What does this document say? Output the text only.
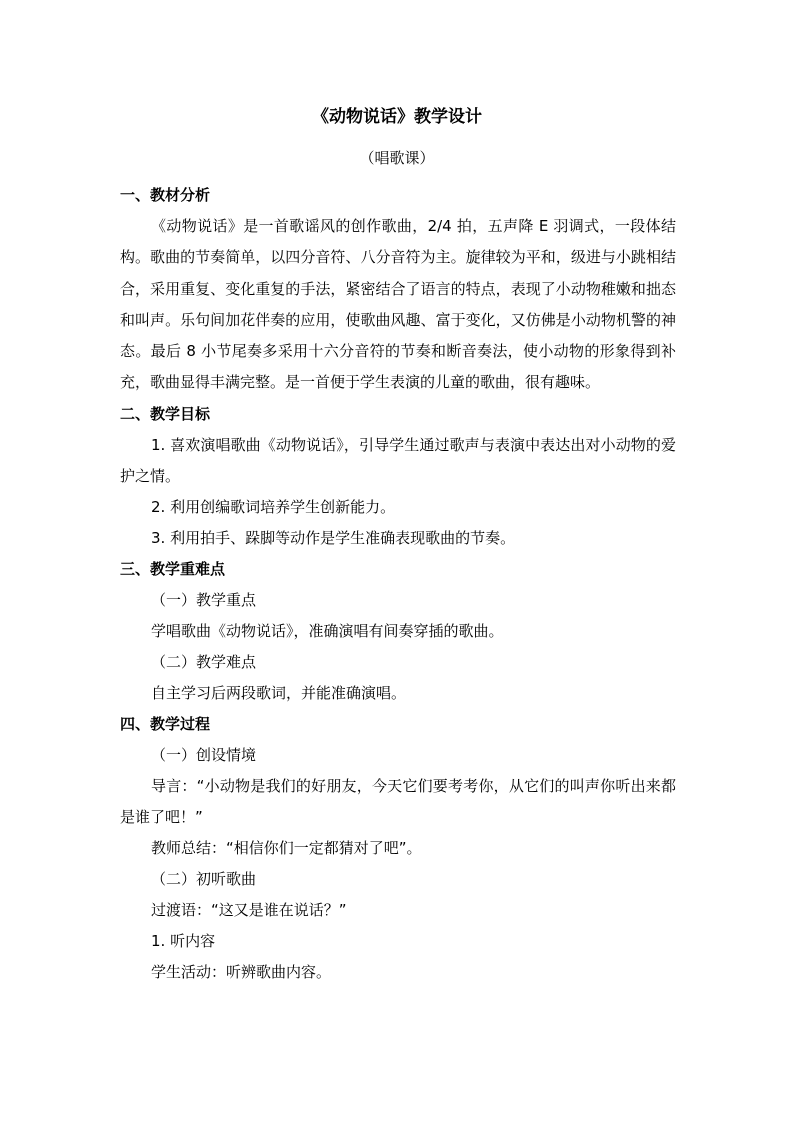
《动物说话》教学设计
（唱歌课）

一、教材分析

《动物说话》是一首歌谣风的创作歌曲，2/4 拍，五声降 E 羽调式，一段体结构。歌曲的节奏简单，以四分音符、八分音符为主。旋律较为平和，级进与小跳相结合，采用重复、变化重复的手法，紧密结合了语言的特点，表现了小动物稚嫩和拙态和叫声。乐句间加花伴奏的应用，使歌曲风趣、富于变化，又仿佛是小动物机警的神态。最后 8 小节尾奏多采用十六分音符的节奏和断音奏法，使小动物的形象得到补充，歌曲显得丰满完整。是一首便于学生表演的儿童的歌曲，很有趣味。

二、教学目标

1. 喜欢演唱歌曲《动物说话》，引导学生通过歌声与表演中表达出对小动物的爱护之情。

2. 利用创编歌词培养学生创新能力。

3. 利用拍手、跺脚等动作是学生准确表现歌曲的节奏。

三、教学重难点

（一）教学重点

学唱歌曲《动物说话》，准确演唱有间奏穿插的歌曲。

（二）教学难点

自主学习后两段歌词，并能准确演唱。

四、教学过程

（一）创设情境

导言：“小动物是我们的好朋友，今天它们要考考你，从它们的叫声你听出来都是谁了吧！”

教师总结：“相信你们一定都猜对了吧”。

（二）初听歌曲

过渡语：“这又是谁在说话？”

1. 听内容

学生活动：听辨歌曲内容。
